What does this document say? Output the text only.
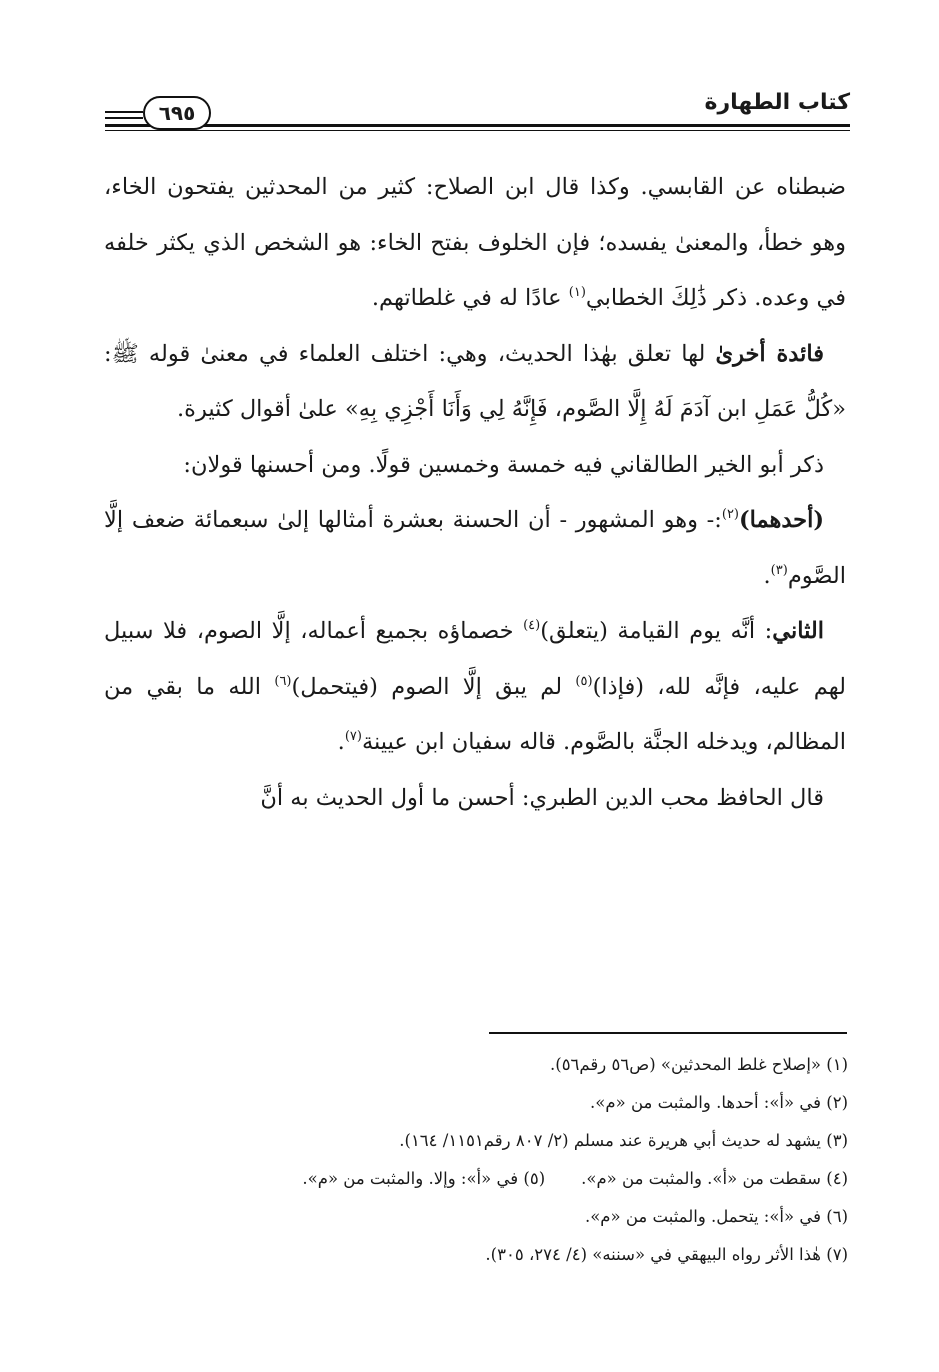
٦٩٥	كتاب الطهارة

ضبطناه عن القابسي. وكذا قال ابن الصلاح: كثير من المحدثين يفتحون الخاء، وهو خطأ، والمعنىٰ يفسده؛ فإن الخلوف بفتح الخاء: هو الشخص الذي يكثر خلفه في وعده. ذكر ذَٰلِكَ الخطابي$^{(١)}$ عادًا له في غلطاتهم.

فائدة أخرىٰ لها تعلق بهٰذا الحديث، وهي: اختلف العلماء في معنىٰ قوله ﷺ: «كُلُّ عَمَلِ ابن آدَمَ لَهُ إِلَّا الصَّوم، فَإِنَّهُ لِي وَأَنَا أَجْزِي بِهِ» علىٰ أقوال كثيرة.

ذكر أبو الخير الطالقاني فيه خمسة وخمسين قولًا. ومن أحسنها قولان:

(أحدهما)$^{(٢)}$:- وهو المشهور - أن الحسنة بعشرة أمثالها إلىٰ سبعمائة ضعف إلَّا الصَّوم$^{(٣)}$.

الثاني: أنَّه يوم القيامة (يتعلق)$^{(٤)}$ خصماؤه بجميع أعماله، إلَّا الصوم، فلا سبيل لهم عليه، فإنَّه لله، (فإذا)$^{(٥)}$ لم يبق إلَّا الصوم (فيتحمل)$^{(٦)}$ الله ما بقي من المظالم، ويدخله الجنَّة بالصَّوم. قاله سفيان ابن عيينة$^{(٧)}$.

قال الحافظ محب الدين الطبري: أحسن ما أول الحديث به أنَّ

(١) «إصلاح غلط المحدثين» (ص٥٦ رقم٥٦).
(٢) في «أ»: أحدها. والمثبت من «م».
(٣) يشهد له حديث أبي هريرة عند مسلم (٢/ ٨٠٧ رقم١١٥١/ ١٦٤).
(٤) سقطت من «أ». والمثبت من «م».(٥) في «أ»: وإلا. والمثبت من «م».
(٦) في «أ»: يتحمل. والمثبت من «م».
(٧) هٰذا الأثر رواه البيهقي في «سننه» (٤/ ٢٧٤، ٣٠٥).
